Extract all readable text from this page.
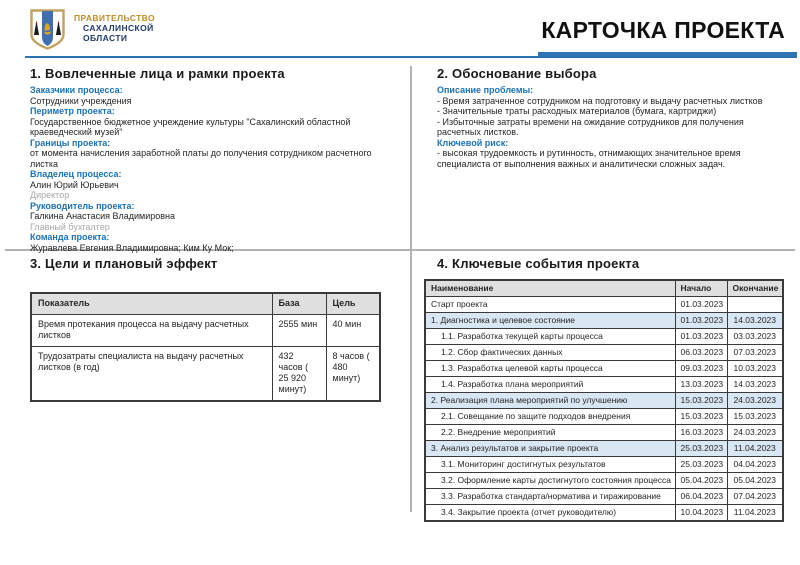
ПРАВИТЕЛЬСТВО
САХАЛИНСКОЙ
ОБЛАСТИ	КАРТОЧКА ПРОЕКТА
1. Вовлеченные лица и рамки проекта
Заказчики процесса:
Сотрудники учреждения
Периметр проекта:
Государственное бюджетное учреждение культуры "Сахалинский областной краеведческий музей"
Границы проекта:
от момента начисления заработной платы до получения сотрудником расчетного листка
Владелец процесса:
Алин Юрий Юрьевич
Директор
Руководитель проекта:
Галкина Анастасия Владимировна
Главный бухгалтер
Команда проекта:
Журавлева Евгения Владимировна; Ким Ку Мок;
2. Обоснование выбора
Описание проблемы:
- Время затраченное сотрудником на подготовку и выдачу расчетных листков
- Значительные траты расходных материалов (бумага, картриджи)
- Избыточные затраты времени на ожидание сотрудников для получения расчетных листков.
Ключевой риск:
- высокая трудоемкость и рутинность, отнимающих значительное время специалиста от выполнения важных и аналитически сложных задач.
3. Цели и плановый эффект
Показатель	База	Цель
Время протекания процесса на выдачу расчетных листков	2555 мин	40 мин
Трудозатраты специалиста на выдачу расчетных листков (в год)	432 часов ( 25 920 минут)	8 часов ( 480 минут)
4. Ключевые события проекта
Наименование	Начало	Окончание
Старт проекта	01.03.2023	
1. Диагностика и целевое состояние	01.03.2023	14.03.2023
1.1. Разработка текущей карты процесса	01.03.2023	03.03.2023
1.2. Сбор фактических данных	06.03.2023	07.03.2023
1.3. Разработка целевой карты процесса	09.03.2023	10.03.2023
1.4. Разработка плана мероприятий	13.03.2023	14.03.2023
2. Реализация плана мероприятий по улучшению	15.03.2023	24.03.2023
2.1. Совещание по защите подходов внедрения	15.03.2023	15.03.2023
2.2. Внедрение мероприятий	16.03.2023	24.03.2023
3. Анализ результатов и закрытие проекта	25.03.2023	11.04.2023
3.1. Мониторинг достигнутых результатов	25.03.2023	04.04.2023
3.2. Оформление карты достигнутого состояния процесса	05.04.2023	05.04.2023
3.3. Разработка стандарта/норматива и тиражирование	06.04.2023	07.04.2023
3.4. Закрытие проекта (отчет руководителю)	10.04.2023	11.04.2023
